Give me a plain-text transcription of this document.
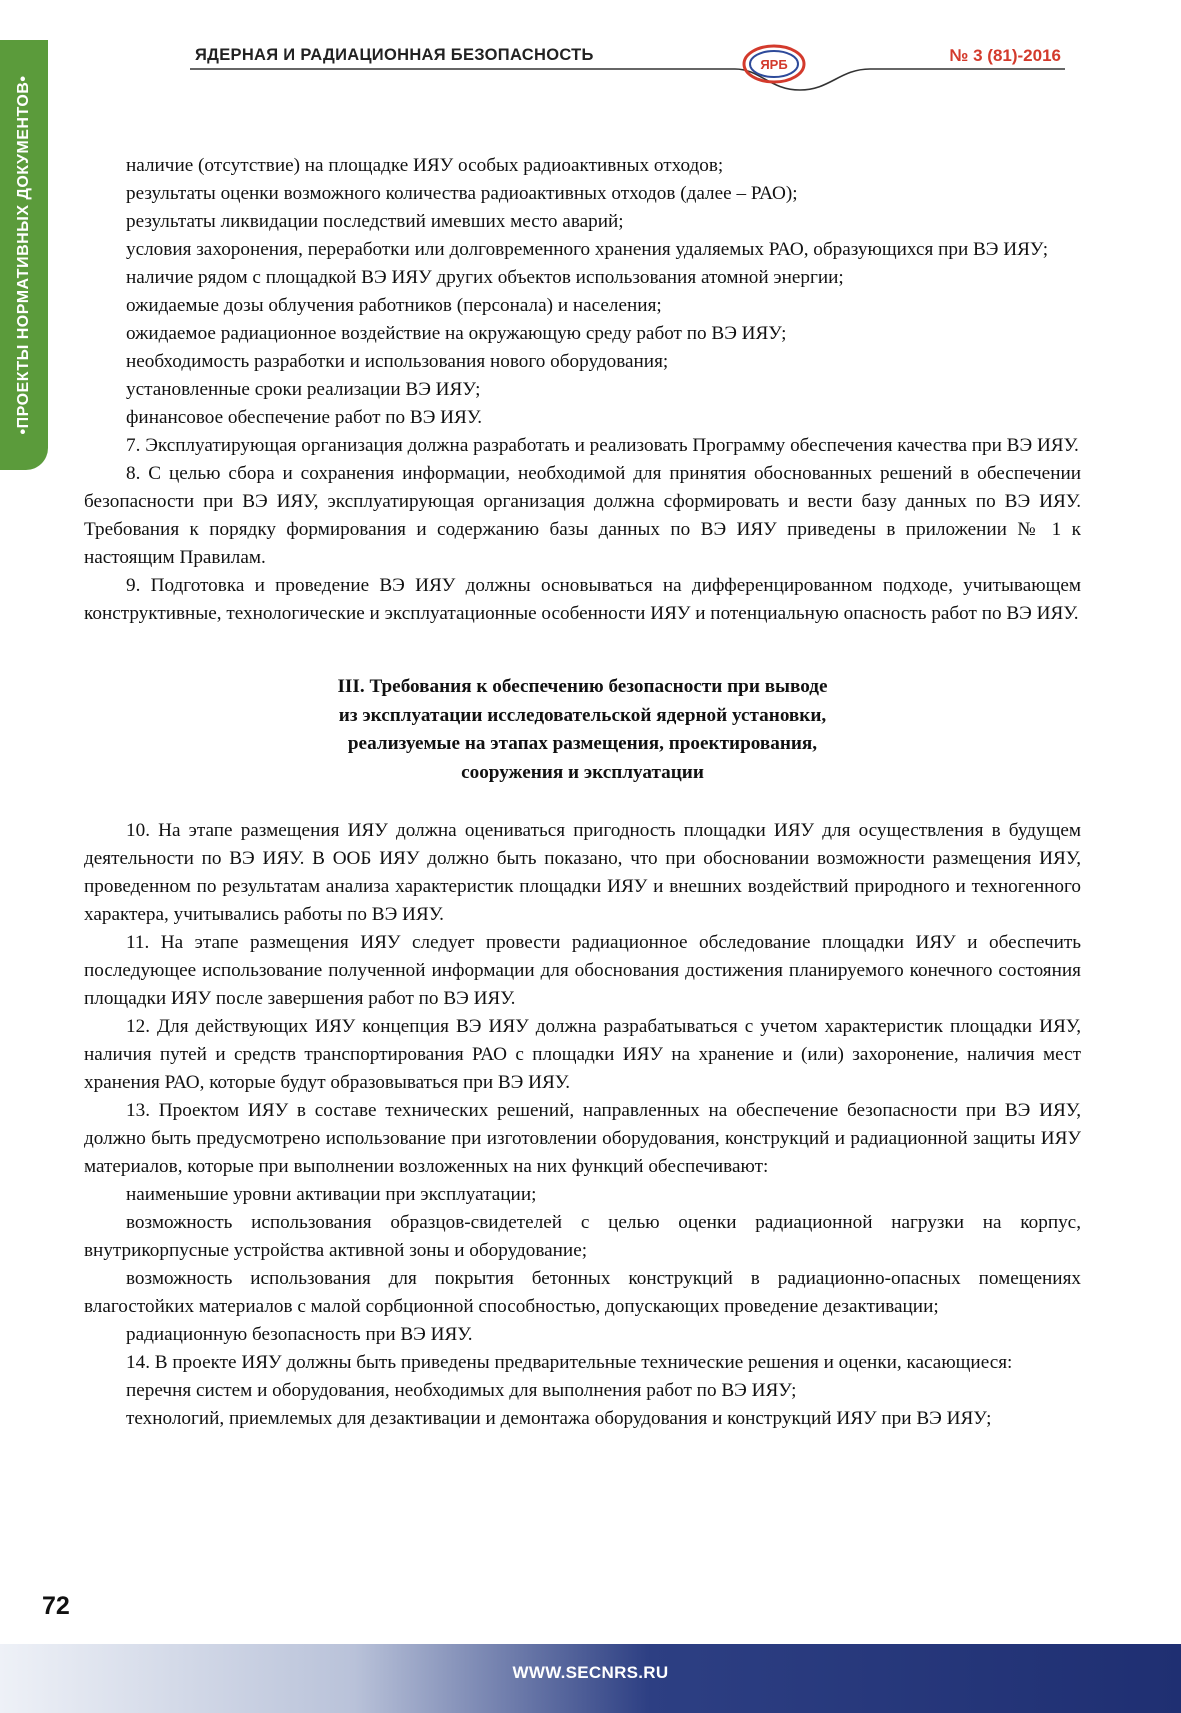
•ПРОЕКТЫ НОРМАТИВНЫХ ДОКУМЕНТОВ•
ЯДЕРНАЯ И РАДИАЦИОННАЯ БЕЗОПАСНОСТЬ
ЯРБ	№ 3 (81)-2016

наличие (отсутствие) на площадке ИЯУ особых радиоактивных отходов;

результаты оценки возможного количества радиоактивных отходов (далее – РАО);

результаты ликвидации последствий имевших место аварий;

условия захоронения, переработки или долговременного хранения удаляемых РАО, образующихся при ВЭ ИЯУ;

наличие рядом с площадкой ВЭ ИЯУ других объектов использования атомной энергии;

ожидаемые дозы облучения работников (персонала) и населения;

ожидаемое радиационное воздействие на окружающую среду работ по ВЭ ИЯУ;

необходимость разработки и использования нового оборудования;

установленные сроки реализации ВЭ ИЯУ;

финансовое обеспечение работ по ВЭ ИЯУ.

7. Эксплуатирующая организация должна разработать и реализовать Программу обеспечения качества при ВЭ ИЯУ.

8. С целью сбора и сохранения информации, необходимой для принятия обоснованных решений в обеспечении безопасности при ВЭ ИЯУ, эксплуатирующая организация должна сформировать и вести базу данных по ВЭ ИЯУ. Требования к порядку формирования и содержанию базы данных по ВЭ ИЯУ приведены в приложении № 1 к настоящим Правилам.

9. Подготовка и проведение ВЭ ИЯУ должны основываться на дифференцированном подходе, учитывающем конструктивные, технологические и эксплуатационные особенности ИЯУ и потенциальную опасность работ по ВЭ ИЯУ.

III. Требования к обеспечению безопасности при выводе
из эксплуатации исследовательской ядерной установки,
реализуемые на этапах размещения, проектирования,
сооружения и эксплуатации

10. На этапе размещения ИЯУ должна оцениваться пригодность площадки ИЯУ для осуществления в будущем деятельности по ВЭ ИЯУ. В ООБ ИЯУ должно быть показано, что при обосновании возможности размещения ИЯУ, проведенном по результатам анализа характеристик площадки ИЯУ и внешних воздействий природного и техногенного характера, учитывались работы по ВЭ ИЯУ.

11. На этапе размещения ИЯУ следует провести радиационное обследование площадки ИЯУ и обеспечить последующее использование полученной информации для обоснования достижения планируемого конечного состояния площадки ИЯУ после завершения работ по ВЭ ИЯУ.

12. Для действующих ИЯУ концепция ВЭ ИЯУ должна разрабатываться с учетом характеристик площадки ИЯУ, наличия путей и средств транспортирования РАО с площадки ИЯУ на хранение и (или) захоронение, наличия мест хранения РАО, которые будут образовываться при ВЭ ИЯУ.

13. Проектом ИЯУ в составе технических решений, направленных на обеспечение безопасности при ВЭ ИЯУ, должно быть предусмотрено использование при изготовлении оборудования, конструкций и радиационной защиты ИЯУ материалов, которые при выполнении возложенных на них функций обеспечивают:

наименьшие уровни активации при эксплуатации;

возможность использования образцов-свидетелей с целью оценки радиационной нагрузки на корпус, внутрикорпусные устройства активной зоны и оборудование;

возможность использования для покрытия бетонных конструкций в радиационно-опасных помещениях влагостойких материалов с малой сорбционной способностью, допускающих проведение дезактивации;

радиационную безопасность при ВЭ ИЯУ.

14. В проекте ИЯУ должны быть приведены предварительные технические решения и оценки, касающиеся:

перечня систем и оборудования, необходимых для выполнения работ по ВЭ ИЯУ;

технологий, приемлемых для дезактивации и демонтажа оборудования и конструкций ИЯУ при ВЭ ИЯУ;

72
WWW.SECNRS.RU
